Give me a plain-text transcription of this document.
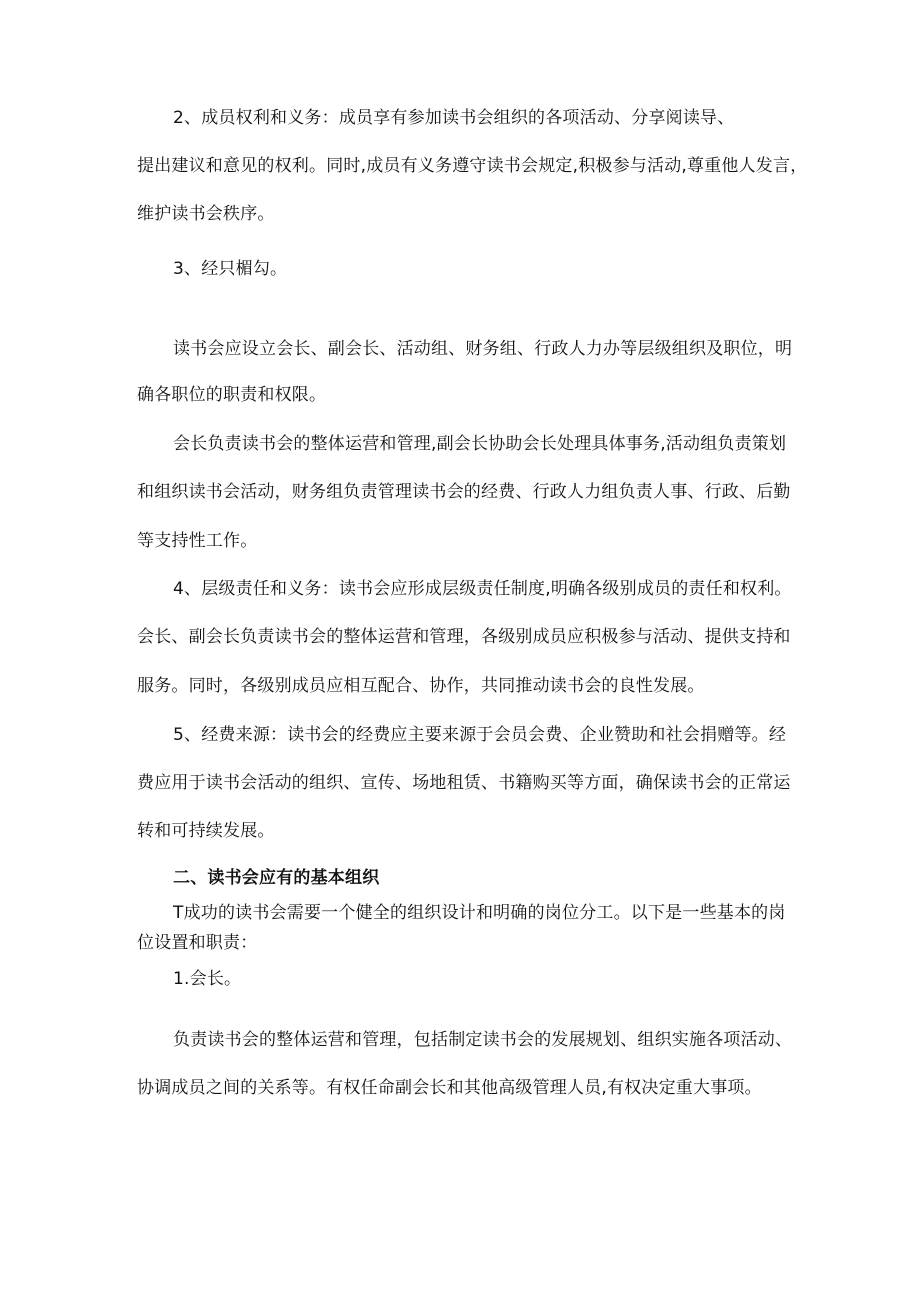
2、成员权利和义务：成员享有参加读书会组织的各项活动、分享阅读导、

提出建议和意见的权利。同时,成员有义务遵守读书会规定,积极参与活动,尊重他人发言，

维护读书会秩序。

3、经只楣勾。

读书会应设立会长、副会长、活动组、财务组、行政人力办等层级组织及职位，明

确各职位的职责和权限。

会长负责读书会的整体运营和管理,副会长协助会长处理具体事务,活动组负责策划

和组织读书会活动，财务组负责管理读书会的经费、行政人力组负责人事、行政、后勤

等支持性工作。

4、层级责任和义务：读书会应形成层级责任制度,明确各级别成员的责任和权利。

会长、副会长负责读书会的整体运营和管理，各级别成员应积极参与活动、提供支持和

服务。同时，各级别成员应相互配合、协作，共同推动读书会的良性发展。

5、经费来源：读书会的经费应主要来源于会员会费、企业赞助和社会捐赠等。经

费应用于读书会活动的组织、宣传、场地租赁、书籍购买等方面，确保读书会的正常运

转和可持续发展。

二、读书会应有的基本组织

T成功的读书会需要一个健全的组织设计和明确的岗位分工。以下是一些基本的岗

位设置和职责：

1.会长。

负责读书会的整体运营和管理，包括制定读书会的发展规划、组织实施各项活动、

协调成员之间的关系等。有权任命副会长和其他高级管理人员,有权决定重大事项。
